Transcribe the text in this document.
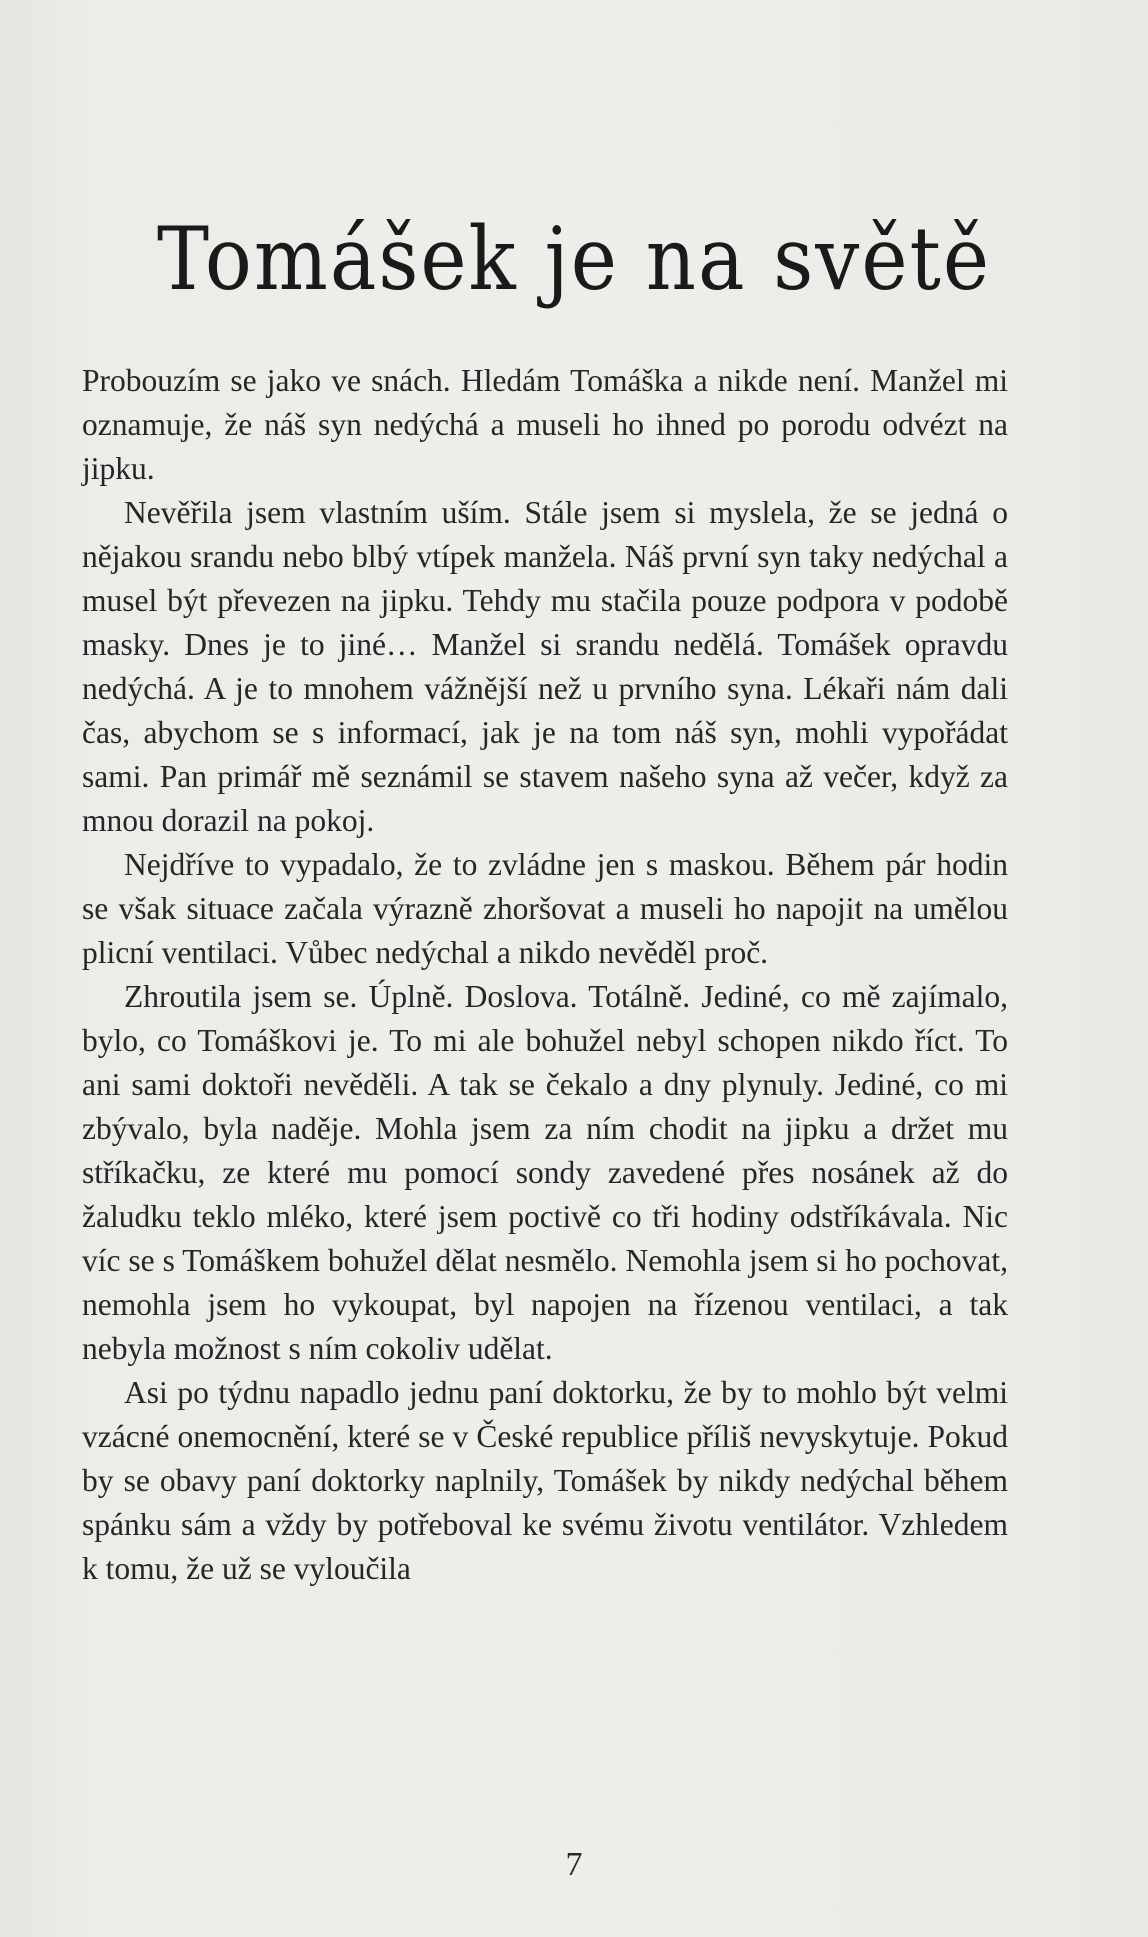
Tomášek je na světě

Probouzím se jako ve snách. Hledám Tomáška a nikde není. Manžel mi oznamuje, že náš syn nedýchá a museli ho ihned po porodu odvézt na jipku.

Nevěřila jsem vlastním uším. Stále jsem si myslela, že se jedná o nějakou srandu nebo blbý vtípek manžela. Náš první syn taky nedýchal a musel být převezen na jipku. Tehdy mu stačila pouze podpora v podobě masky. Dnes je to jiné… Manžel si srandu nedělá. Tomášek opravdu nedýchá. A je to mnohem vážnější než u prvního syna. Lékaři nám dali čas, abychom se s informací, jak je na tom náš syn, mohli vypořádat sami. Pan primář mě seznámil se stavem našeho syna až večer, když za mnou dorazil na pokoj.

Nejdříve to vypadalo, že to zvládne jen s maskou. Během pár hodin se však situace začala výrazně zhoršovat a museli ho napojit na umělou plicní ventilaci. Vůbec nedýchal a nikdo nevěděl proč.

Zhroutila jsem se. Úplně. Doslova. Totálně. Jediné, co mě zajímalo, bylo, co Tomáškovi je. To mi ale bohužel nebyl schopen nikdo říct. To ani sami doktoři nevěděli. A tak se čekalo a dny plynuly. Jediné, co mi zbývalo, byla naděje. Mohla jsem za ním chodit na jipku a držet mu stříkačku, ze které mu pomocí sondy zavedené přes nosánek až do žaludku teklo mléko, které jsem poctivě co tři hodiny odstříkávala. Nic víc se s Tomáškem bohužel dělat nesmělo. Nemohla jsem si ho pochovat, nemohla jsem ho vykoupat, byl napojen na řízenou ventilaci, a tak nebyla možnost s ním cokoliv udělat.

Asi po týdnu napadlo jednu paní doktorku, že by to mohlo být velmi vzácné onemocnění, které se v České republice příliš nevyskytuje. Pokud by se obavy paní doktorky naplnily, Tomášek by nikdy nedýchal během spánku sám a vždy by potřeboval ke svému životu ventilátor. Vzhledem k tomu, že už se vyloučila

7
